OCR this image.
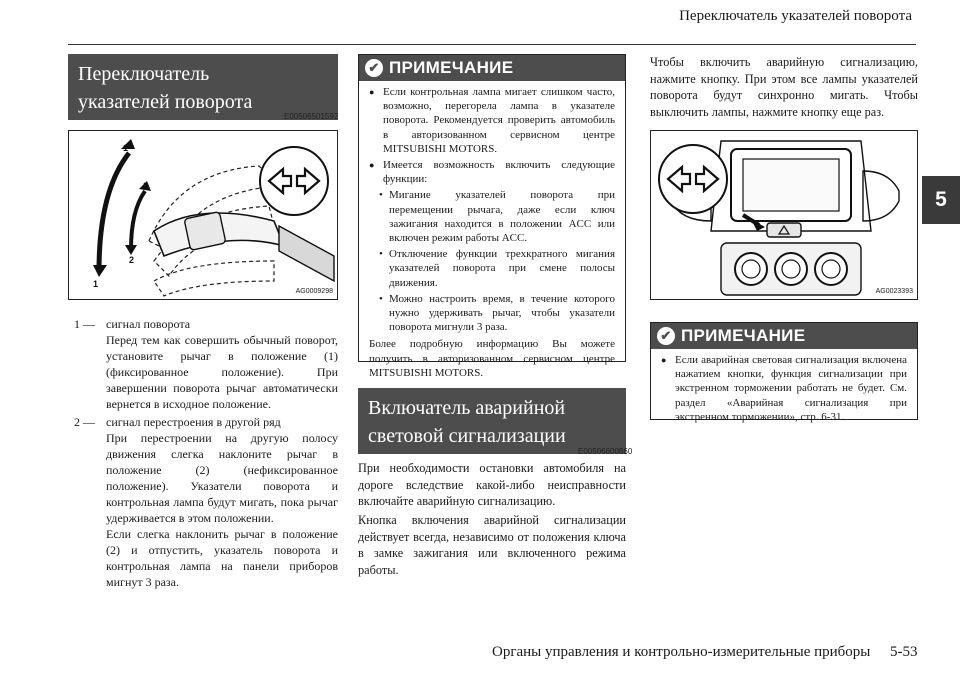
Переключатель указателей поворота
5
Переключатель
указателей поворота
E00506501592
1
2
2
1
AG0009298
1 — сигнал поворота

Перед тем как совершить обычный поворот, установите рычаг в положение (1) (фиксированное положение). При завершении поворота рычаг автоматически вернется в исходное положение.

2 — сигнал перестроения в другой ряд

При перестроении на другую полосу движения слегка наклоните рычаг в положение (2) (нефиксированное положение). Указатели поворота и контрольная лампа будут мигать, пока рычаг удерживается в этом положении.

Если слегка наклонить рычаг в положение (2) и отпустить, указатель поворота и контрольная лампа на панели приборов мигнут 3 раза.

✔ ПРИМЕЧАНИЕ
● Если контрольная лампа мигает слишком часто, возможно, перегорела лампа в указателе поворота. Рекомендуется проверить автомобиль в авторизованном сервисном центре MITSUBISHI MOTORS.

● Имеется возможность включить следующие функции:

• Мигание указателей поворота при перемещении рычага, даже если ключ зажигания находится в положении ACC или включен режим работы ACC.

• Отключение функции трехкратного мигания указателей поворота при смене полосы движения.

• Можно настроить время, в течение которого нужно удерживать рычаг, чтобы указатели поворота мигнули 3 раза.

Более подробную информацию Вы можете получить в авторизованном сервисном центре MITSUBISHI MOTORS.

Включатель аварийной
световой сигнализации
E00506600860

При необходимости остановки автомобиля на дороге вследствие какой-либо неисправности включайте аварийную сигнализацию.

Кнопка включения аварийной сигнализации действует всегда, независимо от положения ключа в замке зажигания или включенного режима работы.

Чтобы включить аварийную сигнализацию, нажмите кнопку. При этом все лампы указателей поворота будут синхронно мигать. Чтобы выключить лампы, нажмите кнопку еще раз.

AG0023393
✔ ПРИМЕЧАНИЕ
● Если аварийная световая сигнализация включена нажатием кнопки, функция сигнализации при экстренном торможении работать не будет. См. раздел «Аварийная сигнализация при экстренном торможении», стр. 6-31.

Органы управления и контрольно-измерительные приборы 5-53
